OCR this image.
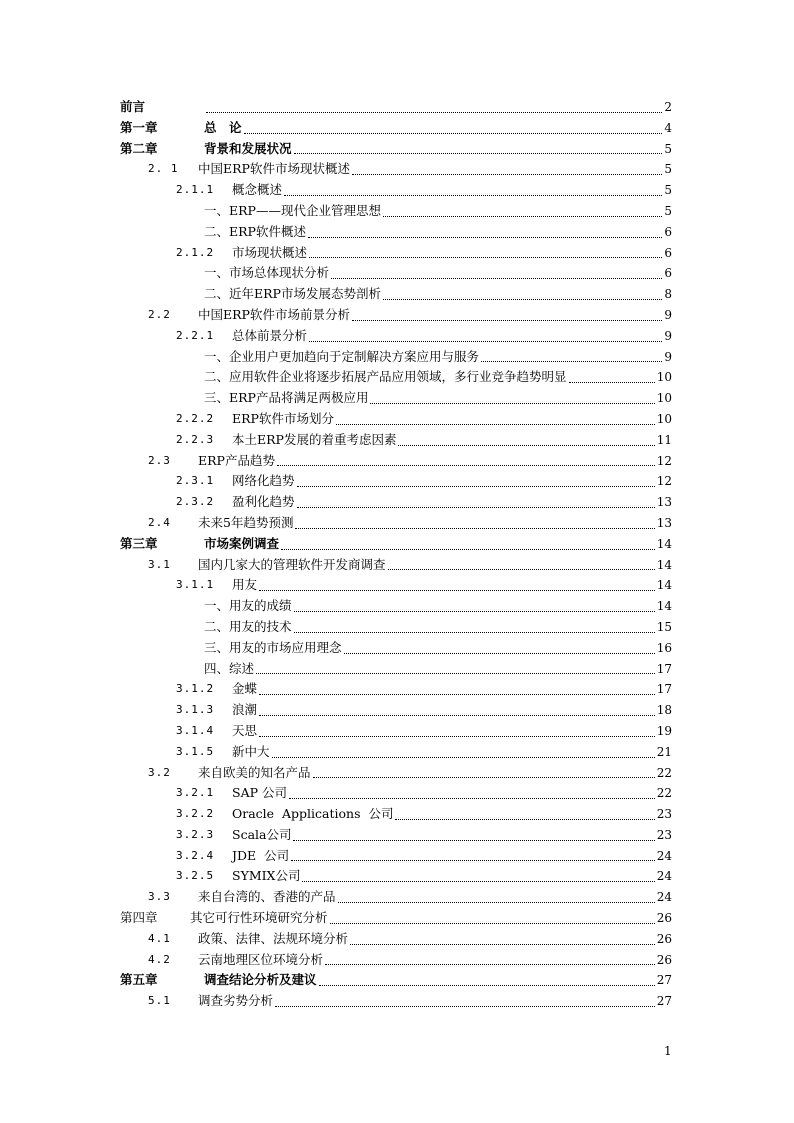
前言	2
第一章	总　论	4
第二章	背景和发展状况	5
2. 1	中国ERP软件市场现状概述	5
2.1.1	概念概述	5
一、ERP——现代企业管理思想	5
二、ERP软件概述	6
2.1.2	市场现状概述	6
一、市场总体现状分析	6
二、近年ERP市场发展态势剖析	8
2.2	中国ERP软件市场前景分析	9
2.2.1	总体前景分析	9
一、企业用户更加趋向于定制解决方案应用与服务	9
二、应用软件企业将逐步拓展产品应用领域，多行业竞争趋势明显	10
三、ERP产品将满足两极应用	10
2.2.2	ERP软件市场划分	10
2.2.3	本土ERP发展的着重考虑因素	11
2.3	ERP产品趋势	12
2.3.1	网络化趋势	12
2.3.2	盈利化趋势	13
2.4	未来5年趋势预测	13
第三章	市场案例调查	14
3.1	国内几家大的管理软件开发商调查	14
3.1.1	用友	14
一、用友的成绩	14
二、用友的技术	15
三、用友的市场应用理念	16
四、综述	17
3.1.2	金蝶	17
3.1.3	浪潮	18
3.1.4	天思	19
3.1.5	新中大	21
3.2	来自欧美的知名产品	22
3.2.1	SAP 公司	22
3.2.2	Oracle  Applications  公司	23
3.2.3	Scala公司	23
3.2.4	JDE  公司	24
3.2.5	SYMIX公司	24
3.3	来自台湾的、香港的产品	24
第四章	其它可行性环境研究分析	26
4.1	政策、法律、法规环境分析	26
4.2	云南地理区位环境分析	26
第五章	调查结论分析及建议	27
5.1	调查劣势分析	27
1
